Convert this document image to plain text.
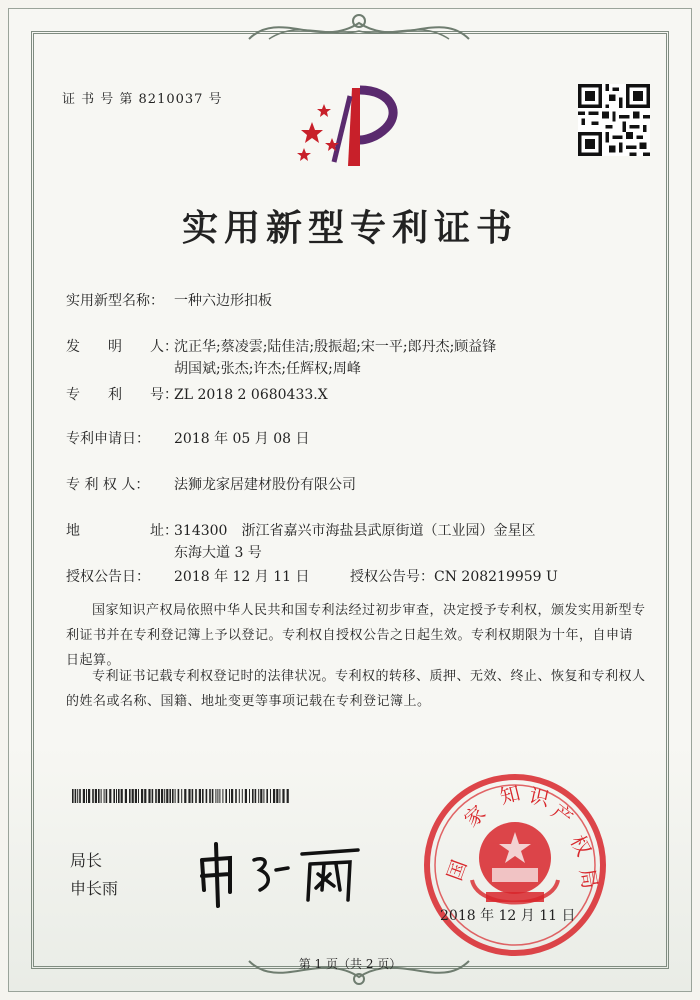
证 书 号 第 8210037 号
实用新型专利证书
实用新型名称： 一种六边形扣板
发　　明　　人：
沈正华;蔡凌雲;陆佳洁;殷振超;宋一平;郎丹杰;顾益锋
胡国斌;张杰;许杰;任辉权;周峰
专　　利　　号：ZL 2018 2 0680433.X
专利申请日： 2018 年 05 月 08 日
专 利 权 人： 法狮龙家居建材股份有限公司
地　　　　　址：
314300　浙江省嘉兴市海盐县武原街道（工业园）金星区
东海大道 3 号
授权公告日： 2018 年 12 月 11 日	授权公告号：CN 208219959 U
国家知识产权局依照中华人民共和国专利法经过初步审查，决定授予专利权，颁发实用新型专利证书并在专利登记簿上予以登记。专利权自授权公告之日起生效。专利权期限为十年，自申请日起算。
专利证书记载专利权登记时的法律状况。专利权的转移、质押、无效、终止、恢复和专利权人的姓名或名称、国籍、地址变更等事项记载在专利登记簿上。
局长
申长雨
国
家
知 识
产
权
局
2018 年 12 月 11 日
第 1 页（共 2 页）
